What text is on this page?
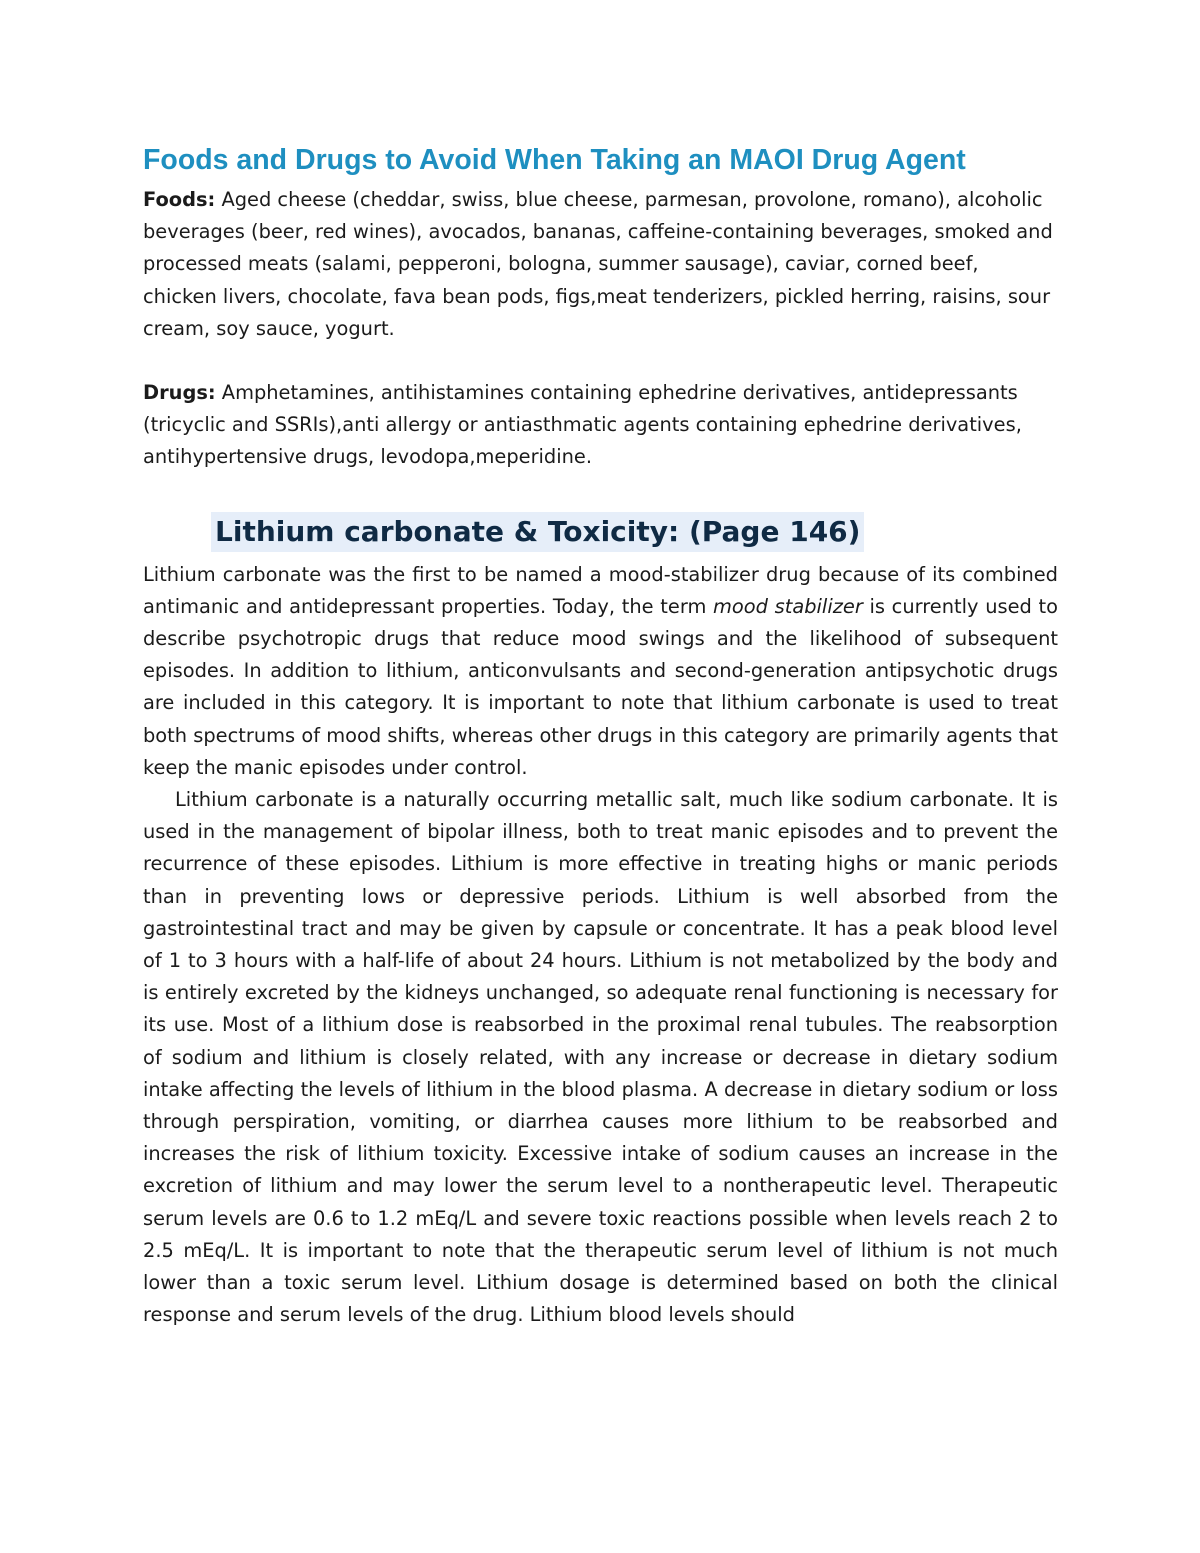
Foods and Drugs to Avoid When Taking an MAOI Drug Agent

Foods: Aged cheese (cheddar, swiss, blue cheese, parmesan, provolone, romano), alcoholic beverages (beer, red wines), avocados, bananas, caffeine-containing beverages, smoked and processed meats (salami, pepperoni, bologna, summer sausage), caviar, corned beef, chicken livers, chocolate, fava bean pods, figs,meat tenderizers, pickled herring, raisins, sour cream, soy sauce, yogurt.

Drugs: Amphetamines, antihistamines containing ephedrine derivatives, antidepressants (tricyclic and SSRIs),anti allergy or antiasthmatic agents containing ephedrine derivatives, antihypertensive drugs, levodopa,meperidine.

Lithium carbonate & Toxicity: (Page 146)

Lithium carbonate was the first to be named a mood-stabilizer drug because of its combined antimanic and antidepressant properties. Today, the term mood stabilizer is currently used to describe psychotropic drugs that reduce mood swings and the likelihood of subsequent episodes. In addition to lithium, anticonvulsants and second-generation antipsychotic drugs are included in this category. It is important to note that lithium carbonate is used to treat both spectrums of mood shifts, whereas other drugs in this category are primarily agents that keep the manic episodes under control.

Lithium carbonate is a naturally occurring metallic salt, much like sodium carbonate. It is used in the management of bipolar illness, both to treat manic episodes and to prevent the recurrence of these episodes. Lithium is more effective in treating highs or manic periods than in preventing lows or depressive periods. Lithium is well absorbed from the gastrointestinal tract and may be given by capsule or concentrate. It has a peak blood level of 1 to 3 hours with a half-life of about 24 hours. Lithium is not metabolized by the body and is entirely excreted by the kidneys unchanged, so adequate renal functioning is necessary for its use. Most of a lithium dose is reabsorbed in the proximal renal tubules. The reabsorption of sodium and lithium is closely related, with any increase or decrease in dietary sodium intake affecting the levels of lithium in the blood plasma. A decrease in dietary sodium or loss through perspiration, vomiting, or diarrhea causes more lithium to be reabsorbed and increases the risk of lithium toxicity. Excessive intake of sodium causes an increase in the excretion of lithium and may lower the serum level to a nontherapeutic level. Therapeutic serum levels are 0.6 to 1.2 mEq/L and severe toxic reactions possible when levels reach 2 to 2.5 mEq/L. It is important to note that the therapeutic serum level of lithium is not much lower than a toxic serum level. Lithium dosage is determined based on both the clinical response and serum levels of the drug. Lithium blood levels should
